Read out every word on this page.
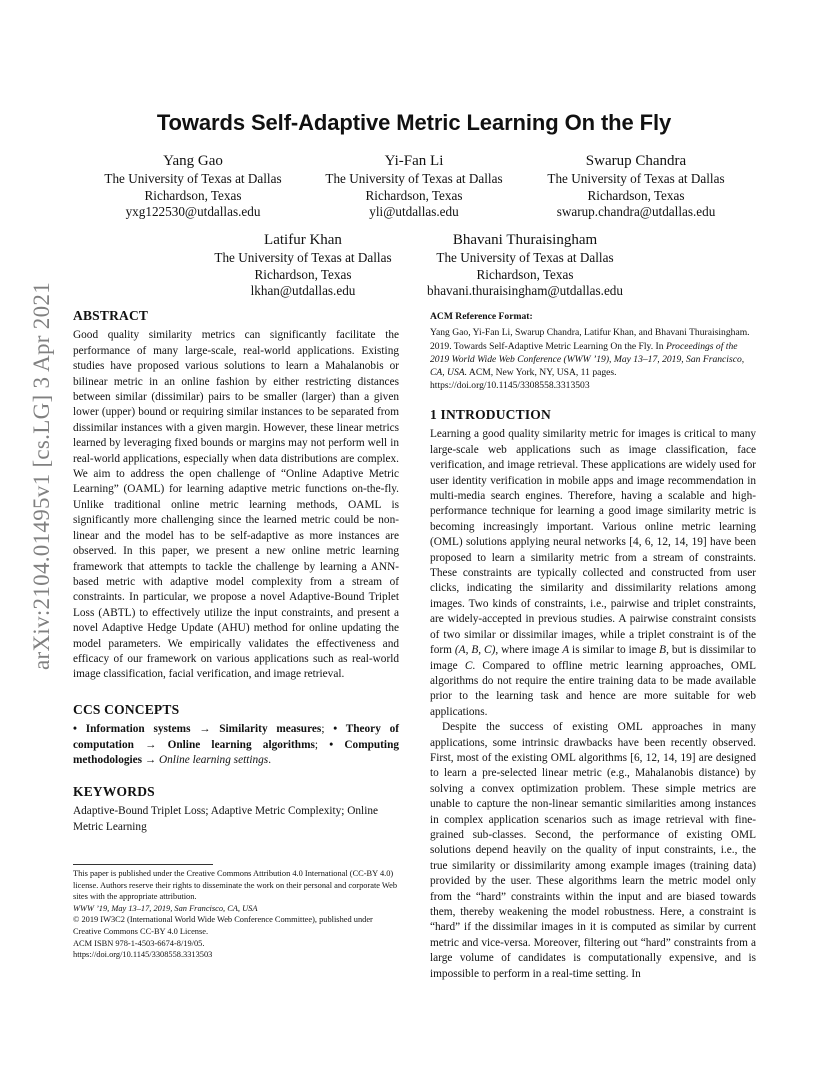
arXiv:2104.01495v1 [cs.LG] 3 Apr 2021
Towards Self-Adaptive Metric Learning On the Fly
Yang Gao
The University of Texas at Dallas
Richardson, Texas
yxg122530@utdallas.edu
Yi-Fan Li
The University of Texas at Dallas
Richardson, Texas
yli@utdallas.edu
Swarup Chandra
The University of Texas at Dallas
Richardson, Texas
swarup.chandra@utdallas.edu
Latifur Khan
The University of Texas at Dallas
Richardson, Texas
lkhan@utdallas.edu
Bhavani Thuraisingham
The University of Texas at Dallas
Richardson, Texas
bhavani.thuraisingham@utdallas.edu
ABSTRACT

Good quality similarity metrics can significantly facilitate the performance of many large-scale, real-world applications. Existing studies have proposed various solutions to learn a Mahalanobis or bilinear metric in an online fashion by either restricting distances between similar (dissimilar) pairs to be smaller (larger) than a given lower (upper) bound or requiring similar instances to be separated from dissimilar instances with a given margin. However, these linear metrics learned by leveraging fixed bounds or margins may not perform well in real-world applications, especially when data distributions are complex. We aim to address the open challenge of “Online Adaptive Metric Learning” (OAML) for learning adaptive metric functions on-the-fly. Unlike traditional online metric learning methods, OAML is significantly more challenging since the learned metric could be non-linear and the model has to be self-adaptive as more instances are observed. In this paper, we present a new online metric learning framework that attempts to tackle the challenge by learning a ANN-based metric with adaptive model complexity from a stream of constraints. In particular, we propose a novel Adaptive-Bound Triplet Loss (ABTL) to effectively utilize the input constraints, and present a novel Adaptive Hedge Update (AHU) method for online updating the model parameters. We empirically validates the effectiveness and efficacy of our framework on various applications such as real-world image classification, facial verification, and image retrieval.

CCS CONCEPTS

• Information systems → Similarity measures; • Theory of computation → Online learning algorithms; • Computing methodologies → Online learning settings.

KEYWORDS

Adaptive-Bound Triplet Loss; Adaptive Metric Complexity; Online Metric Learning

This paper is published under the Creative Commons Attribution 4.0 International (CC-BY 4.0) license. Authors reserve their rights to disseminate the work on their personal and corporate Web sites with the appropriate attribution.
WWW ’19, May 13–17, 2019, San Francisco, CA, USA
© 2019 IW3C2 (International World Wide Web Conference Committee), published under Creative Commons CC-BY 4.0 License.
ACM ISBN 978-1-4503-6674-8/19/05.
https://doi.org/10.1145/3308558.3313503

ACM Reference Format:

Yang Gao, Yi-Fan Li, Swarup Chandra, Latifur Khan, and Bhavani Thuraisingham. 2019. Towards Self-Adaptive Metric Learning On the Fly. In Proceedings of the 2019 World Wide Web Conference (WWW ’19), May 13–17, 2019, San Francisco, CA, USA. ACM, New York, NY, USA, 11 pages. https://doi.org/10.1145/3308558.3313503

1 INTRODUCTION

Learning a good quality similarity metric for images is critical to many large-scale web applications such as image classification, face verification, and image retrieval. These applications are widely used for user identity verification in mobile apps and image recommendation in multi-media search engines. Therefore, having a scalable and high-performance technique for learning a good image similarity metric is becoming increasingly important. Various online metric learning (OML) solutions applying neural networks [4, 6, 12, 14, 19] have been proposed to learn a similarity metric from a stream of constraints. These constraints are typically collected and constructed from user clicks, indicating the similarity and dissimilarity relations among images. Two kinds of constraints, i.e., pairwise and triplet constraints, are widely-accepted in previous studies. A pairwise constraint consists of two similar or dissimilar images, while a triplet constraint is of the form (A, B, C), where image A is similar to image B, but is dissimilar to image C. Compared to offline metric learning approaches, OML algorithms do not require the entire training data to be made available prior to the learning task and hence are more suitable for web applications.

Despite the success of existing OML approaches in many applications, some intrinsic drawbacks have been recently observed. First, most of the existing OML algorithms [6, 12, 14, 19] are designed to learn a pre-selected linear metric (e.g., Mahalanobis distance) by solving a convex optimization problem. These simple metrics are unable to capture the non-linear semantic similarities among instances in complex application scenarios such as image retrieval with fine-grained sub-classes. Second, the performance of existing OML solutions depend heavily on the quality of input constraints, i.e., the true similarity or dissimilarity among example images (training data) provided by the user. These algorithms learn the metric model only from the “hard” constraints within the input and are biased towards them, thereby weakening the model robustness. Here, a constraint is “hard” if the dissimilar images in it is computed as similar by current metric and vice-versa. Moreover, filtering out “hard” constraints from a large volume of candidates is computationally expensive, and is impossible to perform in a real-time setting. In
